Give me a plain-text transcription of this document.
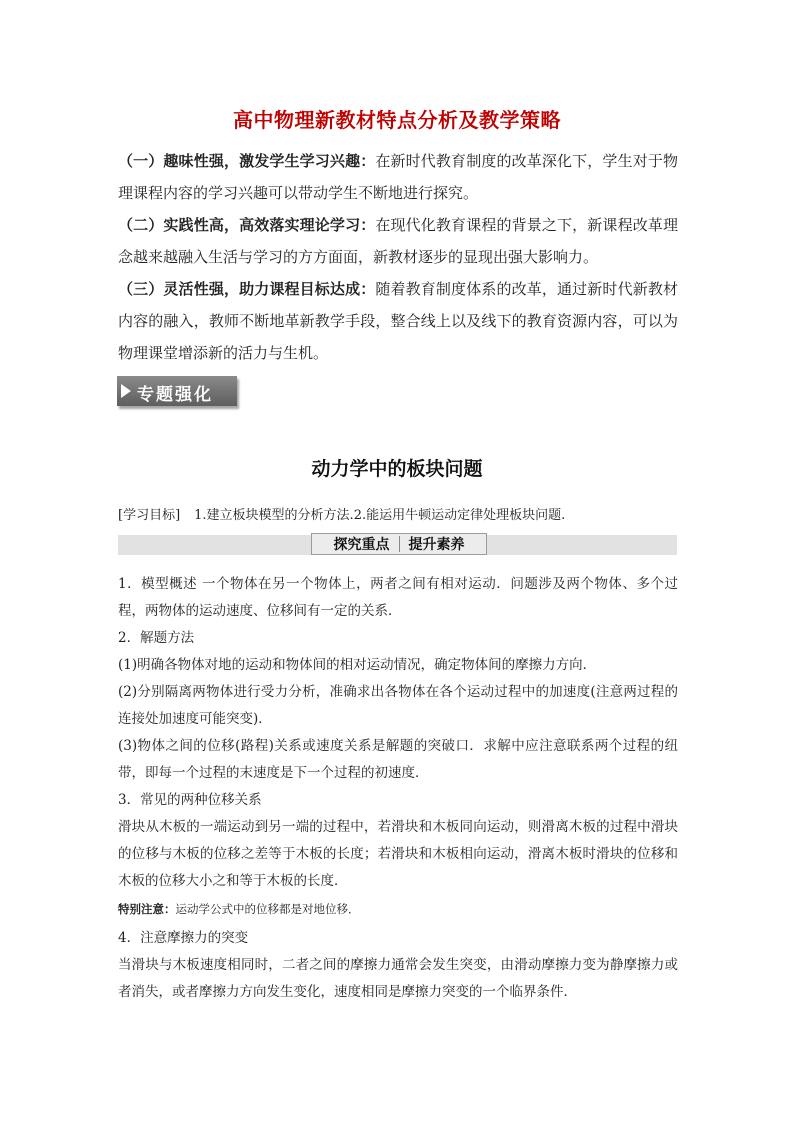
高中物理新教材特点分析及教学策略
（一）趣味性强，激发学生学习兴趣：在新时代教育制度的改革深化下，学生对于物理课程内容的学习兴趣可以带动学生不断地进行探究。
（二）实践性高，高效落实理论学习：在现代化教育课程的背景之下，新课程改革理念越来越融入生活与学习的方方面面，新教材逐步的显现出强大影响力。
（三）灵活性强，助力课程目标达成：随着教育制度体系的改革，通过新时代新教材内容的融入，教师不断地革新教学手段，整合线上以及线下的教育资源内容，可以为物理课堂增添新的活力与生机。
专题强化
动力学中的板块问题
[学习目标] 1.建立板块模型的分析方法.2.能运用牛顿运动定律处理板块问题.
探究重点 提升素养
1．模型概述 一个物体在另一个物体上，两者之间有相对运动．问题涉及两个物体、多个过程，两物体的运动速度、位移间有一定的关系．
2．解题方法
(1)明确各物体对地的运动和物体间的相对运动情况，确定物体间的摩擦力方向．
(2)分别隔离两物体进行受力分析，准确求出各物体在各个运动过程中的加速度(注意两过程的连接处加速度可能突变)．
(3)物体之间的位移(路程)关系或速度关系是解题的突破口．求解中应注意联系两个过程的纽带，即每一个过程的末速度是下一个过程的初速度．
3．常见的两种位移关系
滑块从木板的一端运动到另一端的过程中，若滑块和木板同向运动，则滑离木板的过程中滑块的位移与木板的位移之差等于木板的长度；若滑块和木板相向运动，滑离木板时滑块的位移和木板的位移大小之和等于木板的长度．
特别注意：运动学公式中的位移都是对地位移．
4．注意摩擦力的突变
当滑块与木板速度相同时，二者之间的摩擦力通常会发生突变，由滑动摩擦力变为静摩擦力或者消失，或者摩擦力方向发生变化，速度相同是摩擦力突变的一个临界条件．
